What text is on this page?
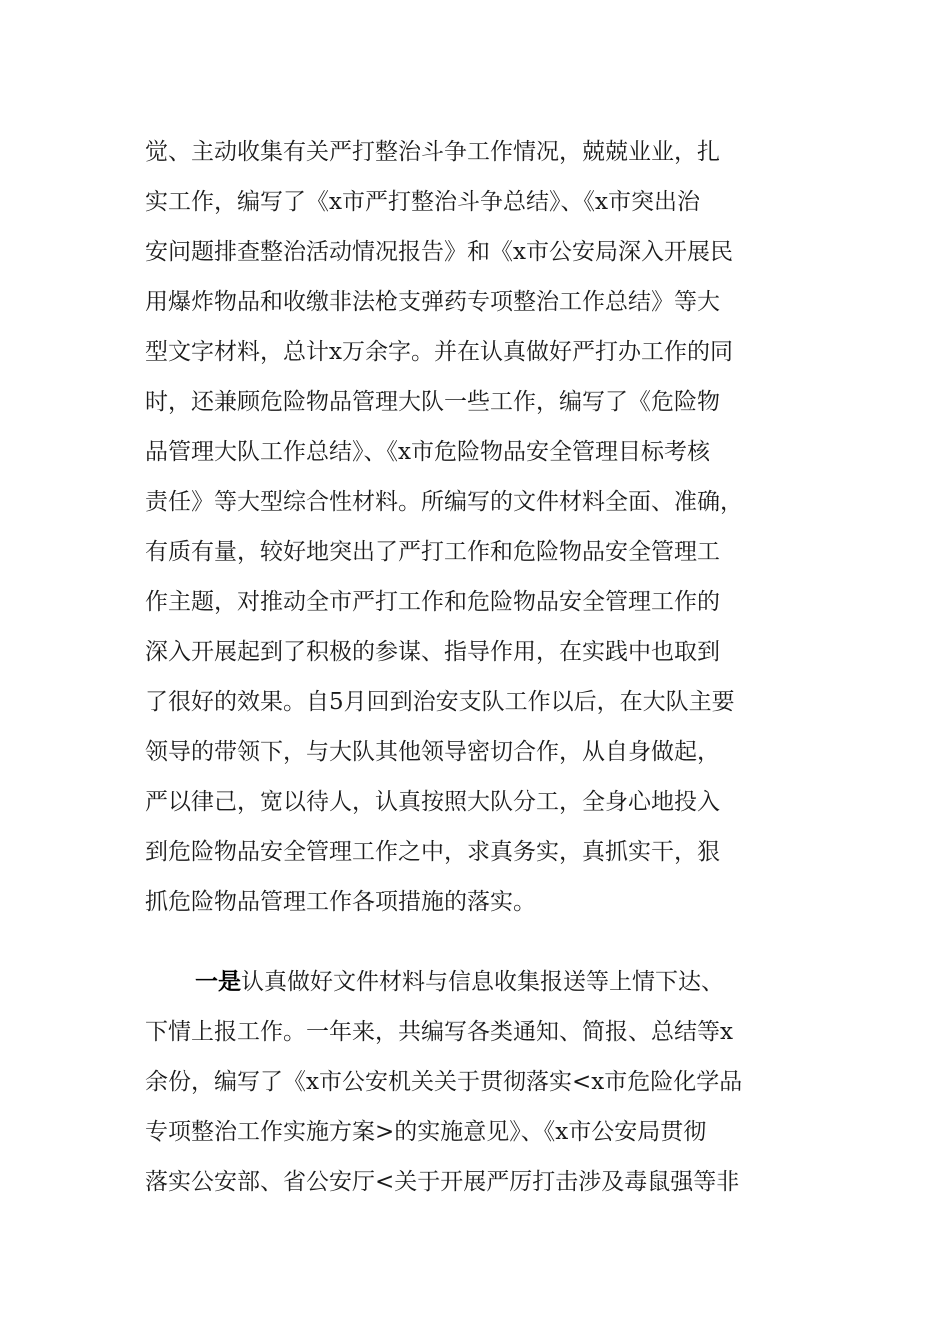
觉、主动收集有关严打整治斗争工作情况，兢兢业业，扎
实工作，编写了《x市严打整治斗争总结》、《x市突出治
安问题排查整治活动情况报告》和《x市公安局深入开展民
用爆炸物品和收缴非法枪支弹药专项整治工作总结》等大
型文字材料，总计x万余字。并在认真做好严打办工作的同
时，还兼顾危险物品管理大队一些工作，编写了《危险物
品管理大队工作总结》、《x市危险物品安全管理目标考核
责任》等大型综合性材料。所编写的文件材料全面、准确，
有质有量，较好地突出了严打工作和危险物品安全管理工
作主题，对推动全市严打工作和危险物品安全管理工作的
深入开展起到了积极的参谋、指导作用，在实践中也取到
了很好的效果。自5月回到治安支队工作以后，在大队主要
领导的带领下，与大队其他领导密切合作，从自身做起，
严以律己，宽以待人，认真按照大队分工，全身心地投入
到危险物品安全管理工作之中，求真务实，真抓实干，狠
抓危险物品管理工作各项措施的落实。
一是认真做好文件材料与信息收集报送等上情下达、
下情上报工作。一年来，共编写各类通知、简报、总结等x
余份，编写了《x市公安机关关于贯彻落实<x市危险化学品
专项整治工作实施方案>的实施意见》、《x市公安局贯彻
落实公安部、省公安厅<关于开展严厉打击涉及毒鼠强等非
